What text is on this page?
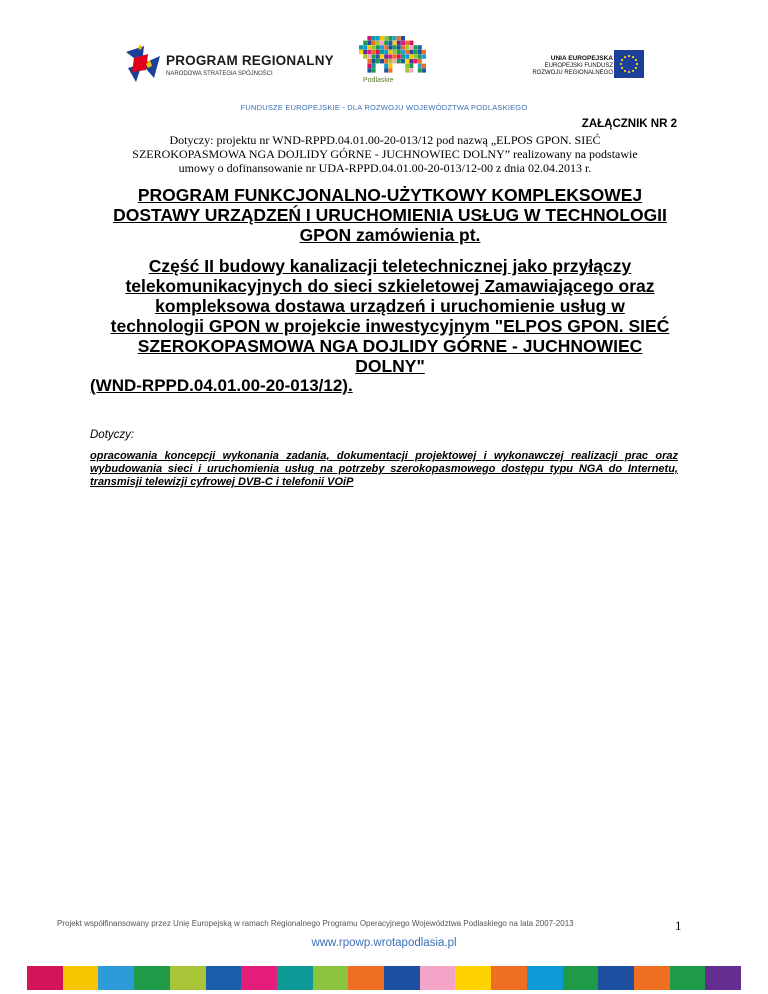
PROGRAM REGIONALNY
NARODOWA STRATEGIA SPÓJNOŚCI
Podlaskie
UNIA EUROPEJSKA
EUROPEJSKI FUNDUSZ
ROZWOJU REGIONALNEGO
FUNDUSZE EUROPEJSKIE - DLA ROZWOJU WOJEWÓDZTWA PODLASKIEGO
ZAŁĄCZNIK NR 2
Dotyczy: projektu nr WND-RPPD.04.01.00-20-013/12 pod nazwą „ELPOS GPON. SIEĆ
SZEROKOPASMOWA NGA DOJLIDY GÓRNE - JUCHNOWIEC DOLNY” realizowany na podstawie
umowy o dofinansowanie nr UDA-RPPD.04.01.00-20-013/12-00 z dnia 02.04.2013 r.
PROGRAM FUNKCJONALNO-UŻYTKOWY KOMPLEKSOWEJ
DOSTAWY URZĄDZEŃ I URUCHOMIENIA USŁUG W TECHNOLOGII
GPON zamówienia pt.
Część II budowy kanalizacji teletechnicznej jako przyłączy
telekomunikacyjnych do sieci szkieletowej Zamawiającego oraz
kompleksowa dostawa urządzeń i uruchomienie usług w
technologii GPON w projekcie inwestycyjnym "ELPOS GPON. SIEĆ
SZEROKOPASMOWA NGA DOJLIDY GÓRNE - JUCHNOWIEC
DOLNY"
(WND-RPPD.04.01.00-20-013/12).
Dotyczy:
opracowania koncepcji wykonania zadania, dokumentacji projektowej i wykonawczej realizacji prac oraz wybudowania sieci i uruchomienia usług na potrzeby szerokopasmowego dostępu typu NGA do Internetu, transmisji telewizji cyfrowej DVB-C i telefonii VOiP
Projekt współfinansowany przez Unię Europejską w ramach Regionalnego Programu Operacyjnego Województwa Podlaskiego na lata 2007-2013	1
www.rpowp.wrotapodlasia.pl
